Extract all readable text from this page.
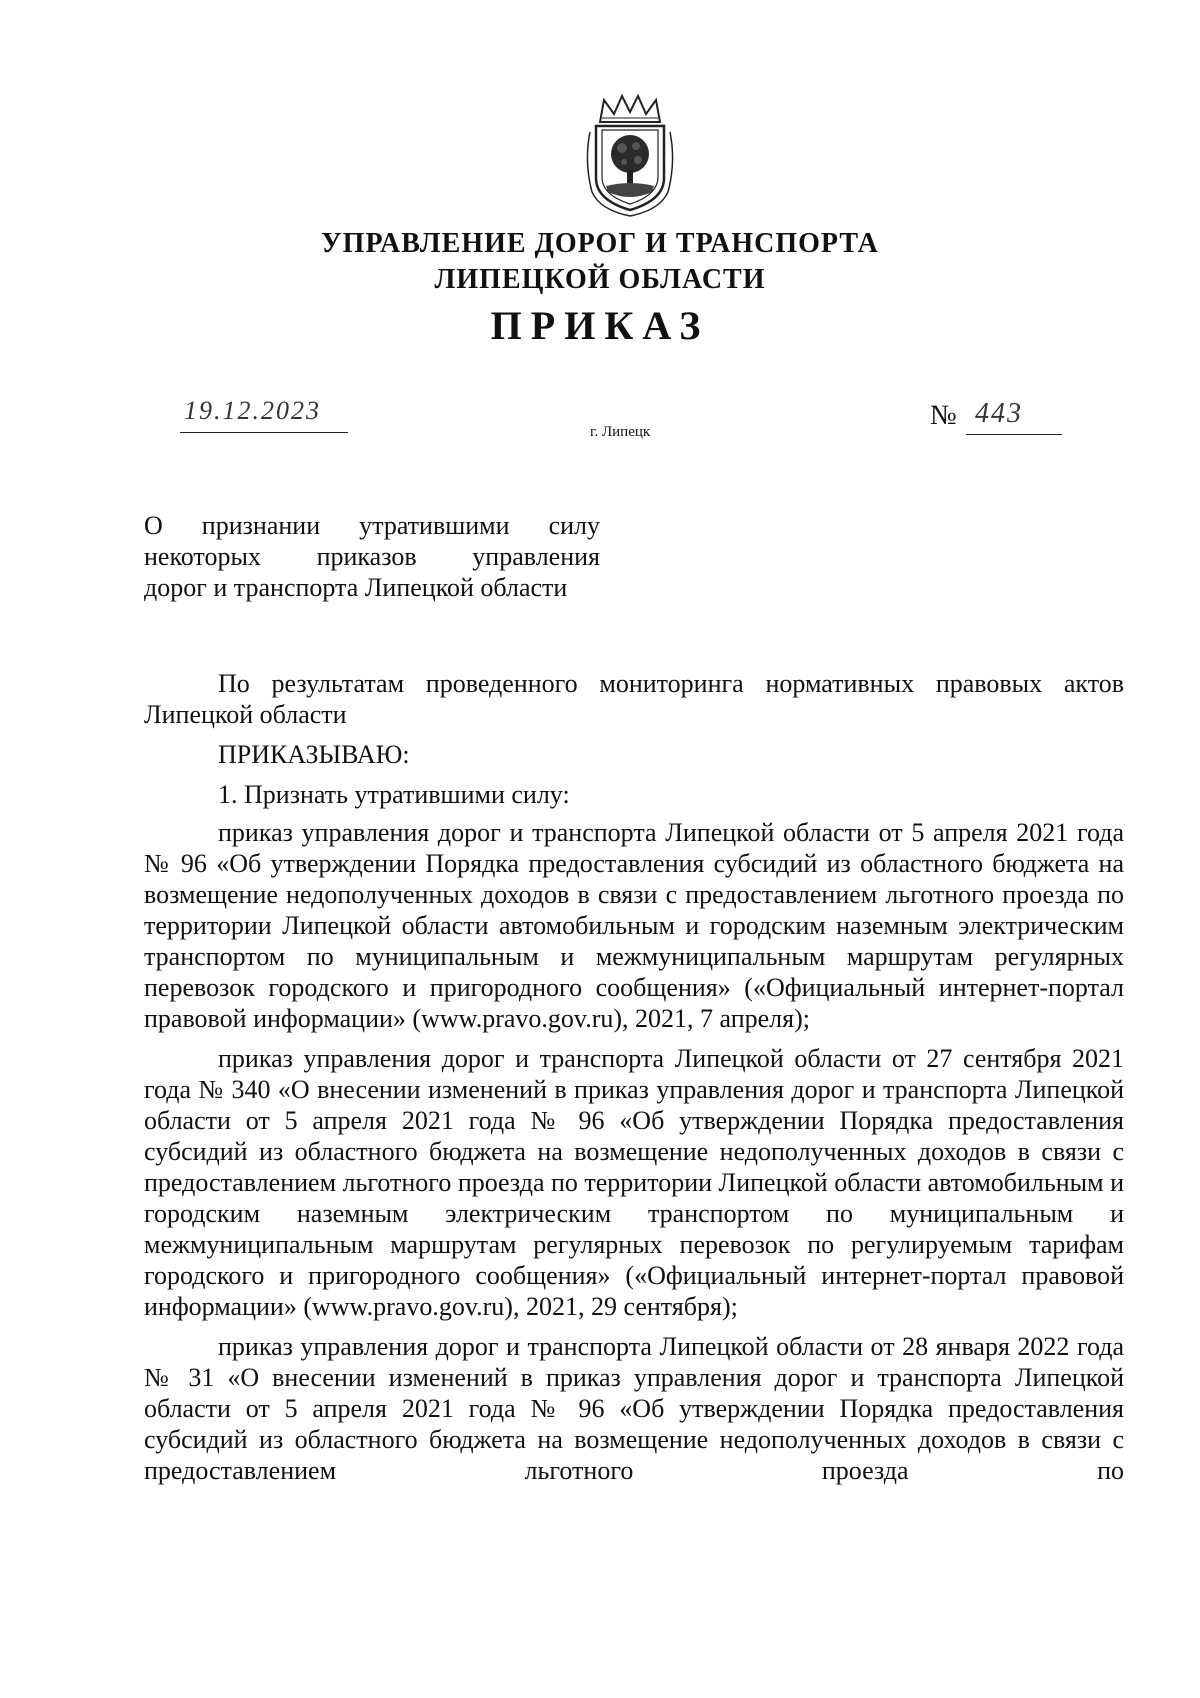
УПРАВЛЕНИЕ ДОРОГ И ТРАНСПОРТА
ЛИПЕЦКОЙ ОБЛАСТИ
ПРИКАЗ
19.12.2023
г. Липецк
№ 443
О признании утратившими силу
некоторых приказов управления
дорог и транспорта Липецкой области

По результатам проведенного мониторинга нормативных правовых актов Липецкой области

ПРИКАЗЫВАЮ:

1. Признать утратившими силу:

приказ управления дорог и транспорта Липецкой области от 5 апреля 2021 года № 96 «Об утверждении Порядка предоставления субсидий из областного бюджета на возмещение недополученных доходов в связи с предоставлением льготного проезда по территории Липецкой области автомобильным и городским наземным электрическим транспортом по муниципальным и межмуниципальным маршрутам регулярных перевозок городского и пригородного сообщения» («Официальный интернет-портал правовой информации» (www.pravo.gov.ru), 2021, 7 апреля);

приказ управления дорог и транспорта Липецкой области от 27 сентября 2021 года № 340 «О внесении изменений в приказ управления дорог и транспорта Липецкой области от 5 апреля 2021 года № 96 «Об утверждении Порядка предоставления субсидий из областного бюджета на возмещение недополученных доходов в связи с предоставлением льготного проезда по территории Липецкой области автомобильным и городским наземным электрическим транспортом по муниципальным и межмуниципальным маршрутам регулярных перевозок по регулируемым тарифам городского и пригородного сообщения» («Официальный интернет-портал правовой информации» (www.pravo.gov.ru), 2021, 29 сентября);

приказ управления дорог и транспорта Липецкой области от 28 января 2022 года № 31 «О внесении изменений в приказ управления дорог и транспорта Липецкой области от 5 апреля 2021 года № 96 «Об утверждении Порядка предоставления субсидий из областного бюджета на возмещение недополученных доходов в связи с предоставлением льготного проезда по
